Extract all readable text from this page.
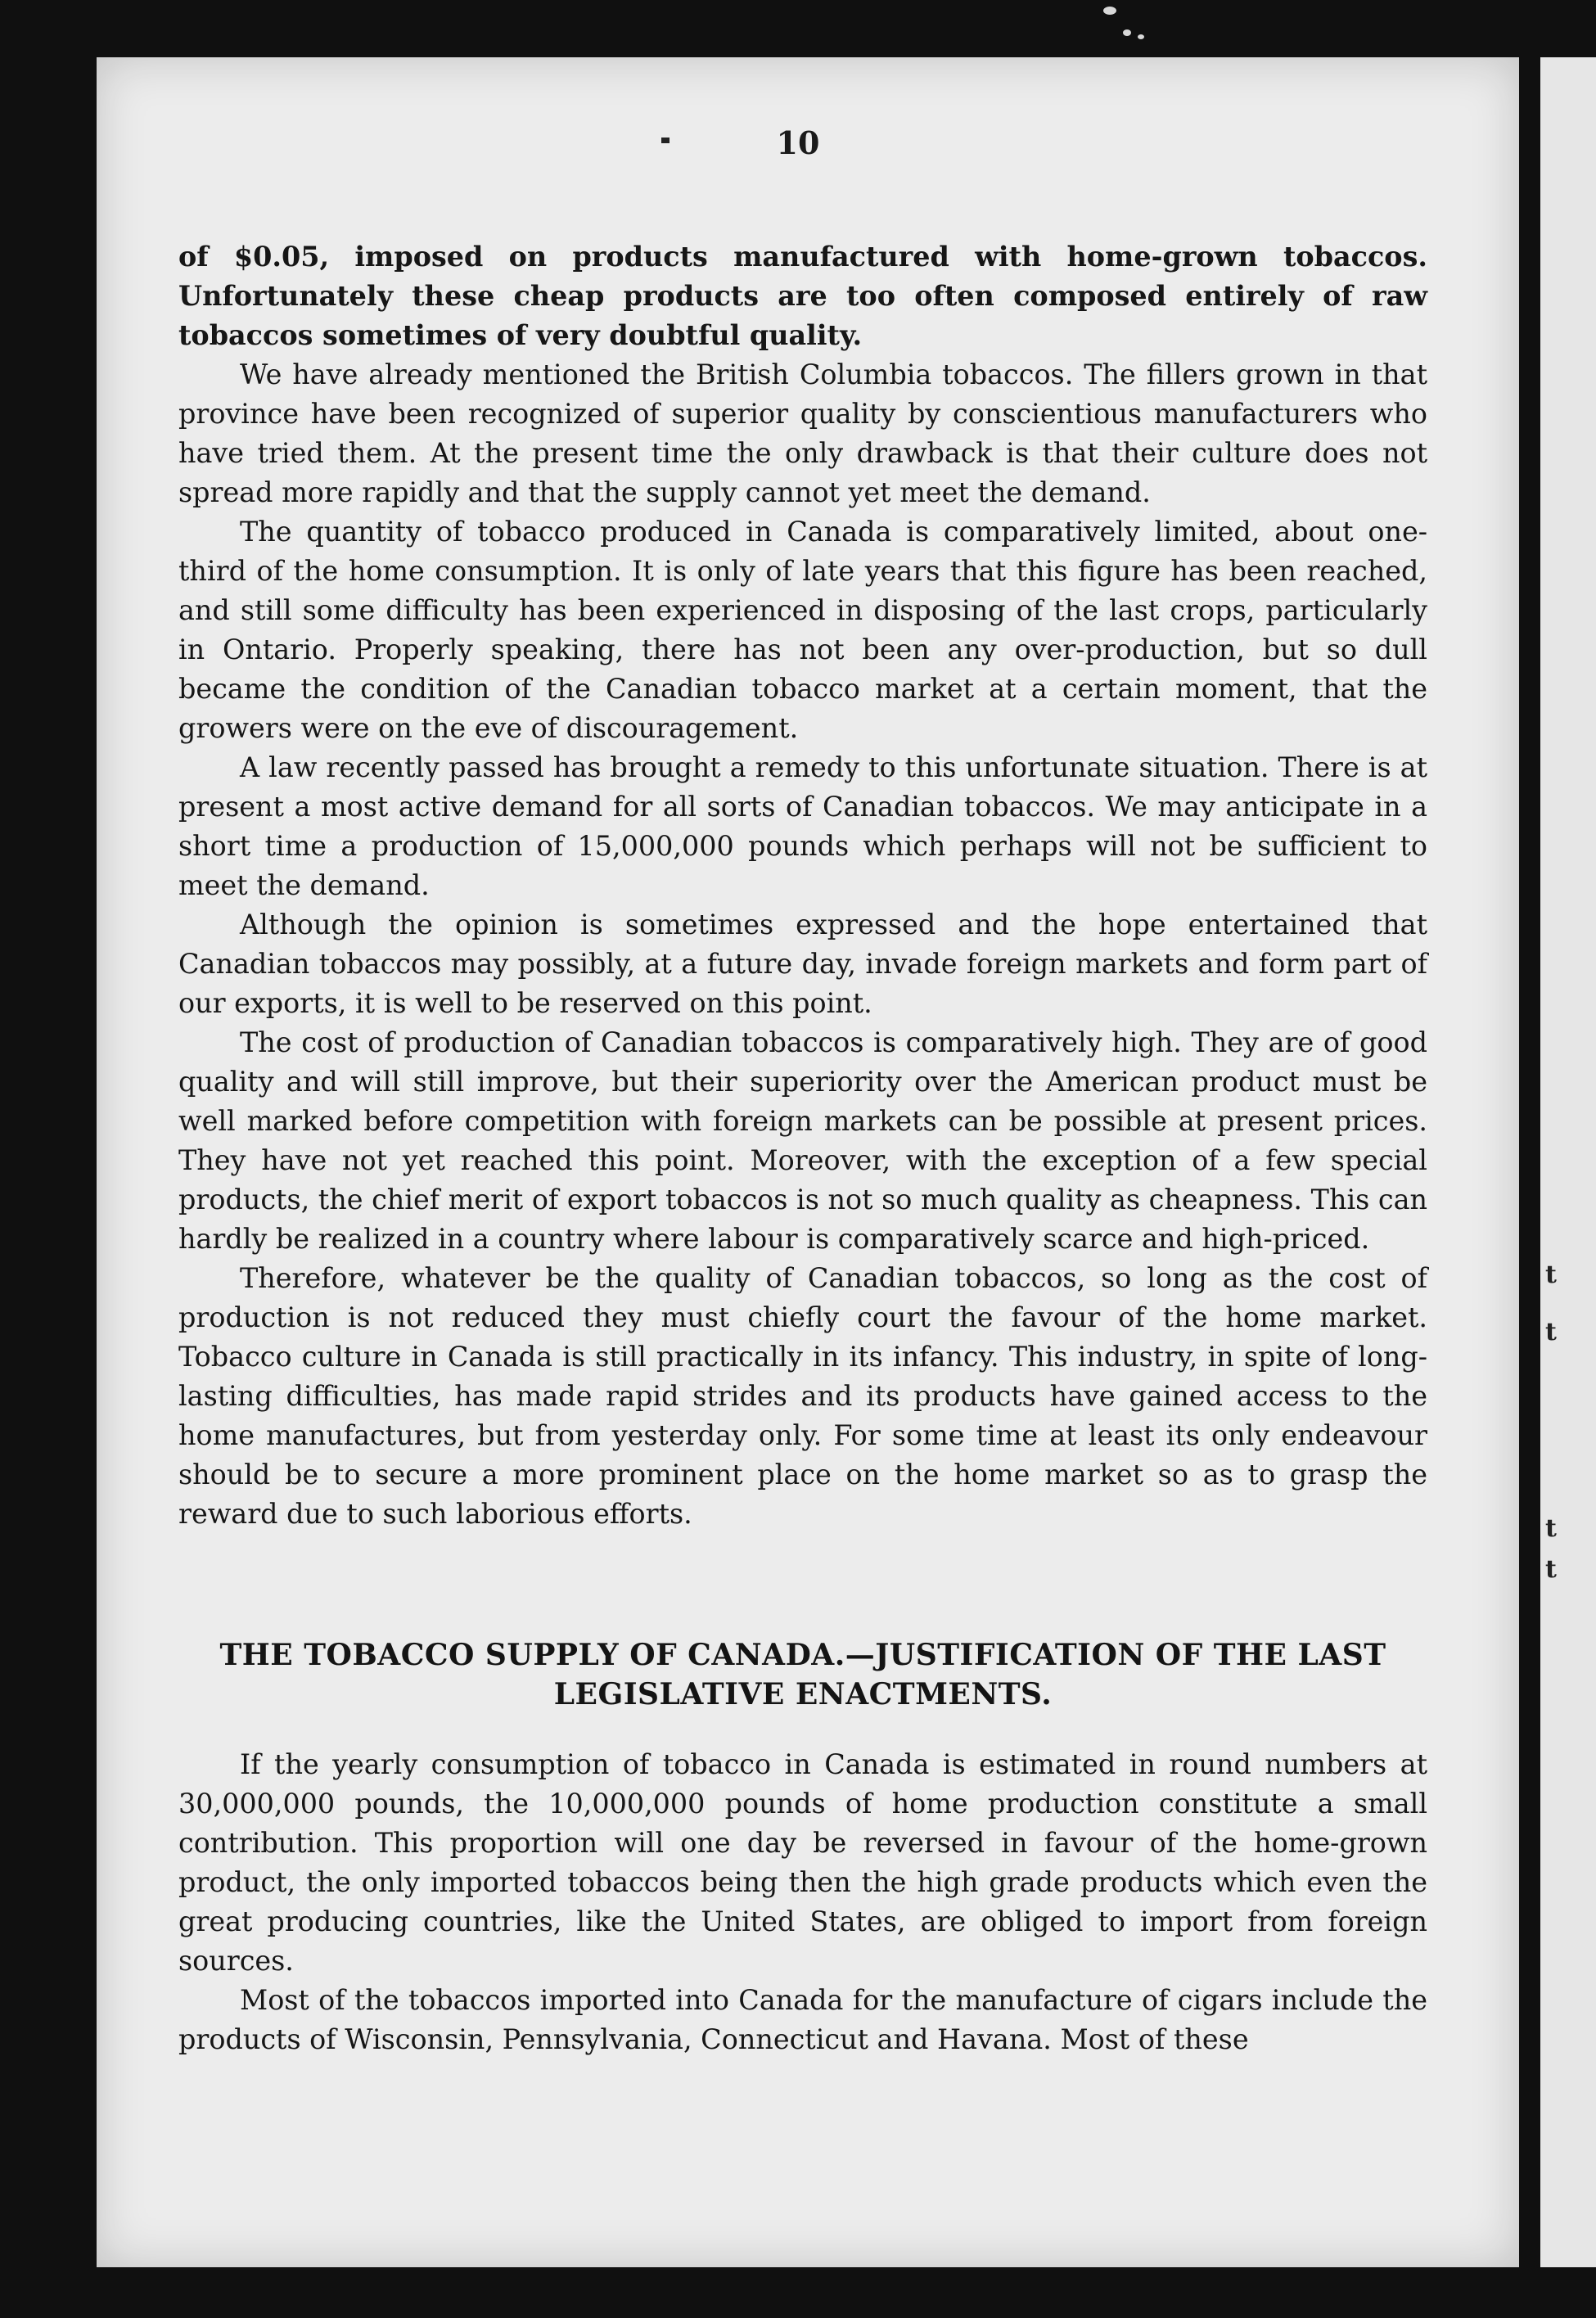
t
t
t
t
10

of $0.05, imposed on products manufactured with home-grown tobaccos. Unfortunately these cheap products are too often composed entirely of raw tobaccos sometimes of very doubtful quality.

We have already mentioned the British Columbia tobaccos. The fillers grown in that province have been recognized of superior quality by conscientious manufacturers who have tried them. At the present time the only drawback is that their culture does not spread more rapidly and that the supply cannot yet meet the demand.

The quantity of tobacco produced in Canada is comparatively limited, about one-third of the home consumption. It is only of late years that this figure has been reached, and still some difficulty has been experienced in disposing of the last crops, particularly in Ontario. Properly speaking, there has not been any over-production, but so dull became the condition of the Canadian tobacco market at a certain moment, that the growers were on the eve of discouragement.

A law recently passed has brought a remedy to this unfortunate situation. There is at present a most active demand for all sorts of Canadian tobaccos. We may anticipate in a short time a production of 15,000,000 pounds which perhaps will not be sufficient to meet the demand.

Although the opinion is sometimes expressed and the hope entertained that Canadian tobaccos may possibly, at a future day, invade foreign markets and form part of our exports, it is well to be reserved on this point.

The cost of production of Canadian tobaccos is comparatively high. They are of good quality and will still improve, but their superiority over the American product must be well marked before competition with foreign markets can be possible at present prices. They have not yet reached this point. Moreover, with the exception of a few special products, the chief merit of export tobaccos is not so much quality as cheapness. This can hardly be realized in a country where labour is comparatively scarce and high-priced.

Therefore, whatever be the quality of Canadian tobaccos, so long as the cost of production is not reduced they must chiefly court the favour of the home market. Tobacco culture in Canada is still practically in its infancy. This industry, in spite of long-lasting difficulties, has made rapid strides and its products have gained access to the home manufactures, but from yesterday only. For some time at least its only endeavour should be to secure a more prominent place on the home market so as to grasp the reward due to such laborious efforts.

THE TOBACCO SUPPLY OF CANADA.—JUSTIFICATION OF THE LAST
LEGISLATIVE ENACTMENTS.

If the yearly consumption of tobacco in Canada is estimated in round numbers at 30,000,000 pounds, the 10,000,000 pounds of home production constitute a small contribution. This proportion will one day be reversed in favour of the home-grown product, the only imported tobaccos being then the high grade products which even the great producing countries, like the United States, are obliged to import from foreign sources.

Most of the tobaccos imported into Canada for the manufacture of cigars include the products of Wisconsin, Pennsylvania, Connecticut and Havana. Most of these
